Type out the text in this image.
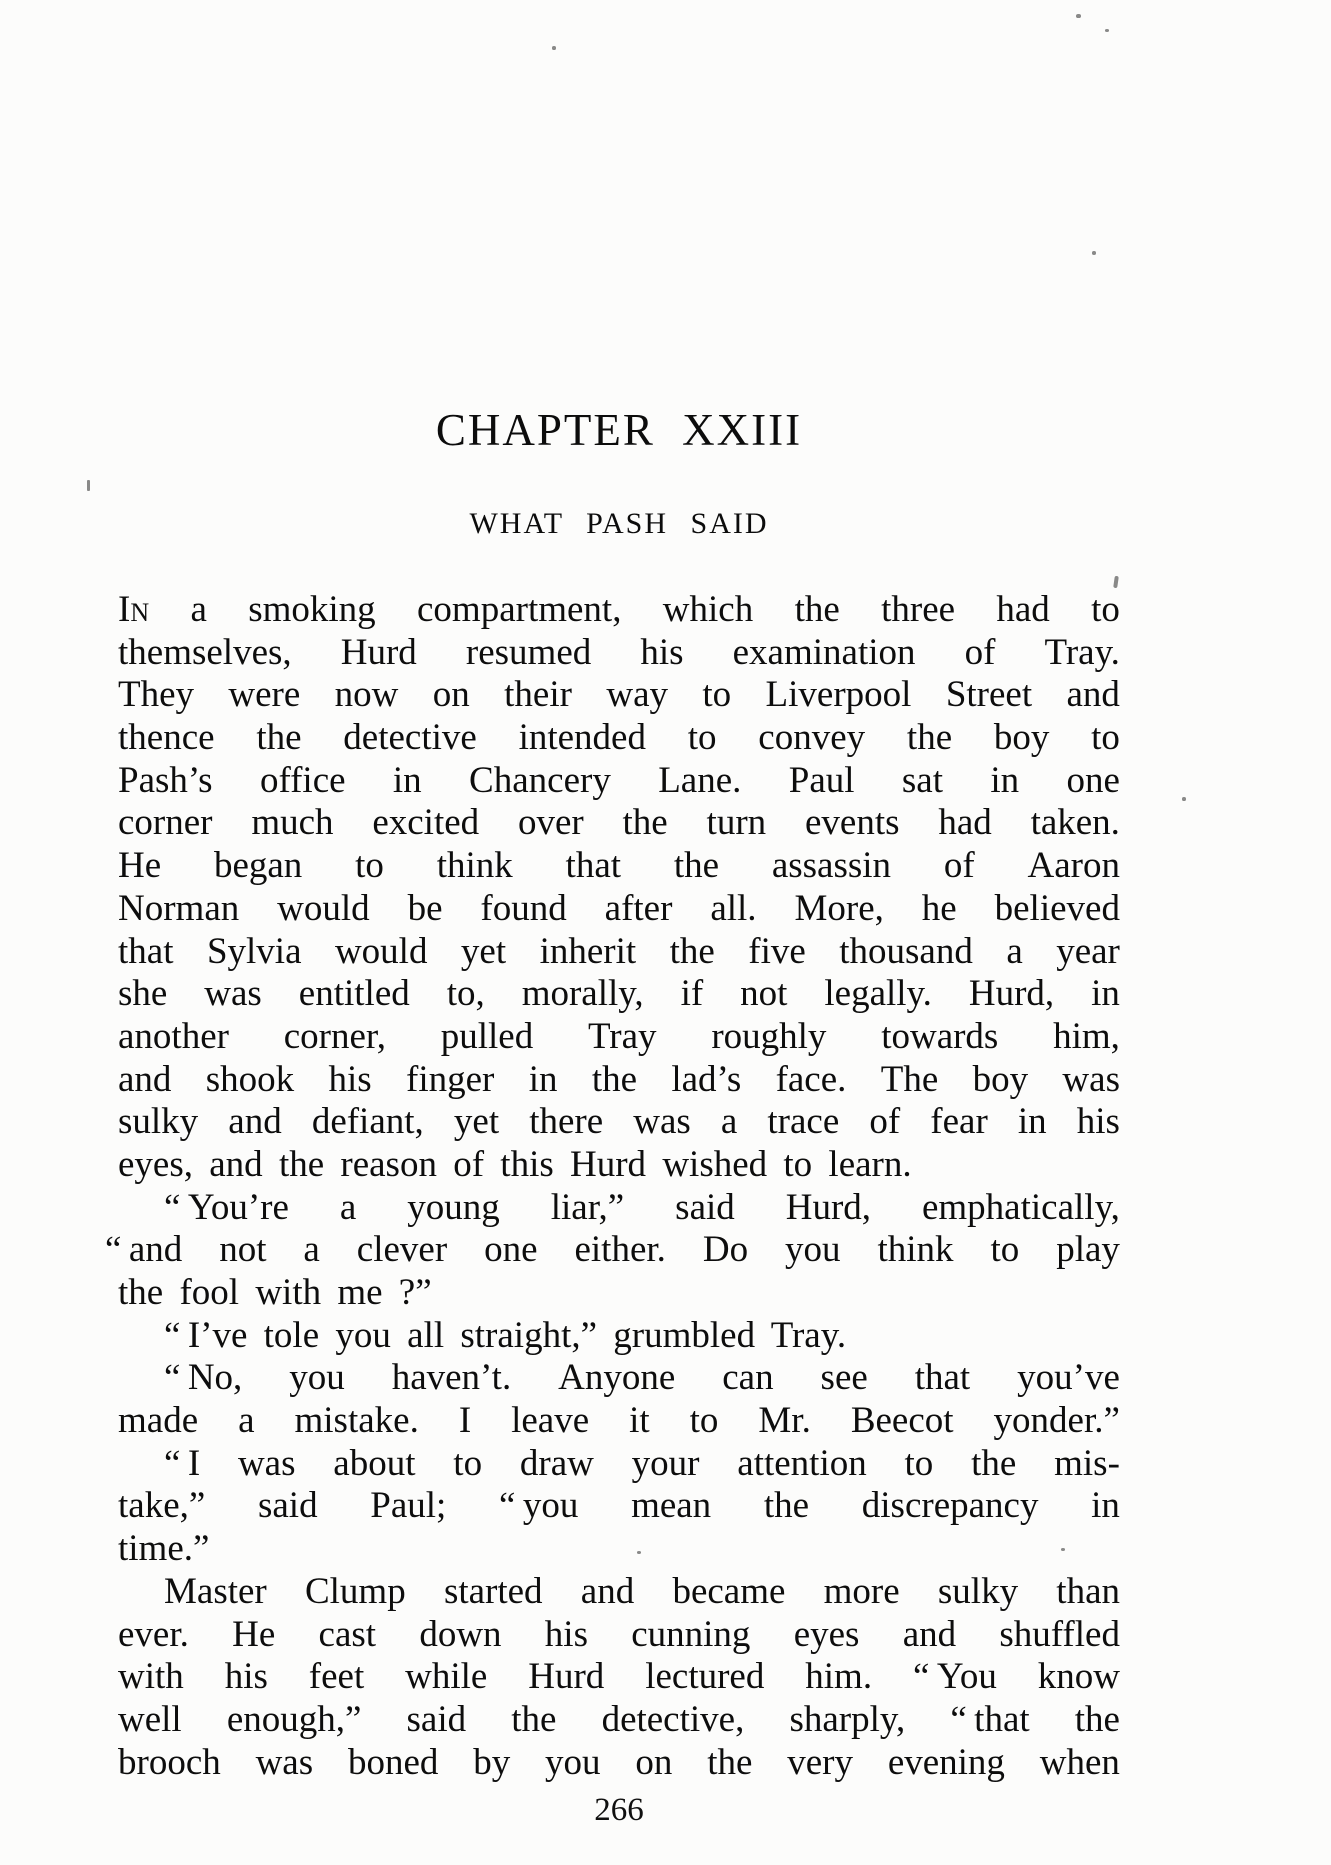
CHAPTER XXIII
WHAT PASH SAID
In a smoking compartment, which the three had to
themselves, Hurd resumed his examination of Tray.
They were now on their way to Liverpool Street and
thence the detective intended to convey the boy to
Pash’s office in Chancery Lane. Paul sat in one
corner much excited over the turn events had taken.
He began to think that the assassin of Aaron
Norman would be found after all. More, he believed
that Sylvia would yet inherit the five thousand a year
she was entitled to, morally, if not legally. Hurd, in
another corner, pulled Tray roughly towards him,
and shook his finger in the lad’s face. The boy was
sulky and defiant, yet there was a trace of fear in his
eyes, and the reason of this Hurd wished to learn.
“ You’re a young liar,” said Hurd, emphatically,
“ and not a clever one either. Do you think to play
the fool with me ?”
“ I’ve tole you all straight,” grumbled Tray.
“ No, you haven’t. Anyone can see that you’ve
made a mistake. I leave it to Mr. Beecot yonder.”
“ I was about to draw your attention to the mis-
take,” said Paul; “ you mean the discrepancy in
time.”
Master Clump started and became more sulky than
ever. He cast down his cunning eyes and shuffled
with his feet while Hurd lectured him. “ You know
well enough,” said the detective, sharply, “ that the
brooch was boned by you on the very evening when
266
